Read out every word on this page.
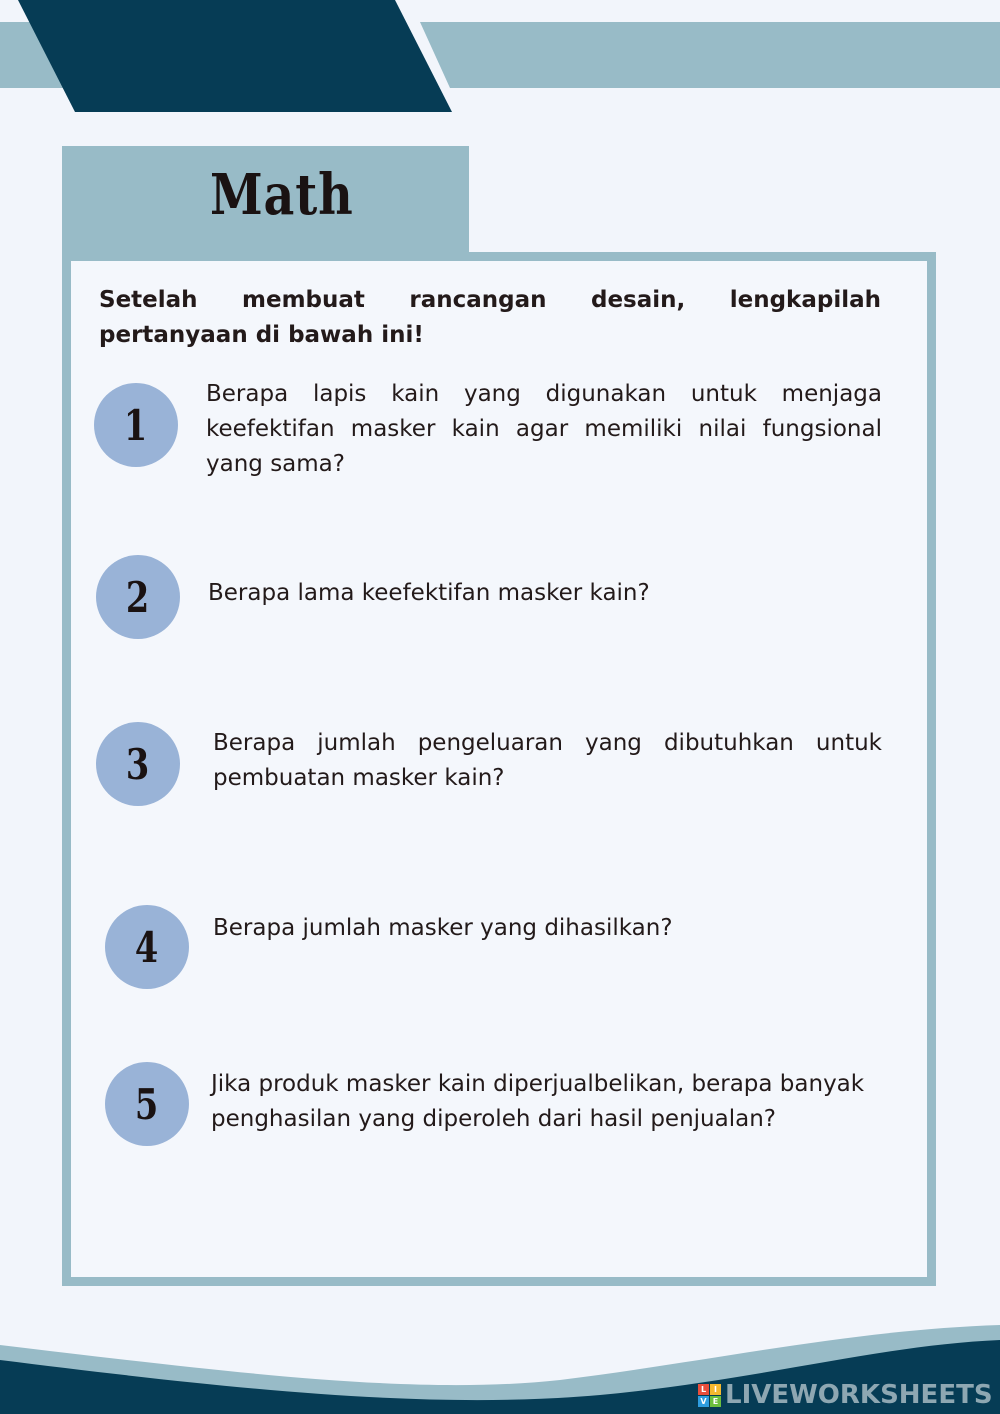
Math
Setelah membuat rancangan desain, lengkapilah pertanyaan di bawah ini!
1
Berapa lapis kain yang digunakan untuk menjaga keefektifan masker kain agar memiliki nilai fungsional yang sama?
2	Berapa lama keefektifan masker kain?
3	Berapa jumlah pengeluaran yang dibutuhkan untuk pembuatan masker kain?
4 Berapa jumlah masker yang dihasilkan?
5 Jika produk masker kain diperjualbelikan, berapa banyak penghasilan yang diperoleh dari hasil penjualan?
L I
V E LIVEWORKSHEETS
